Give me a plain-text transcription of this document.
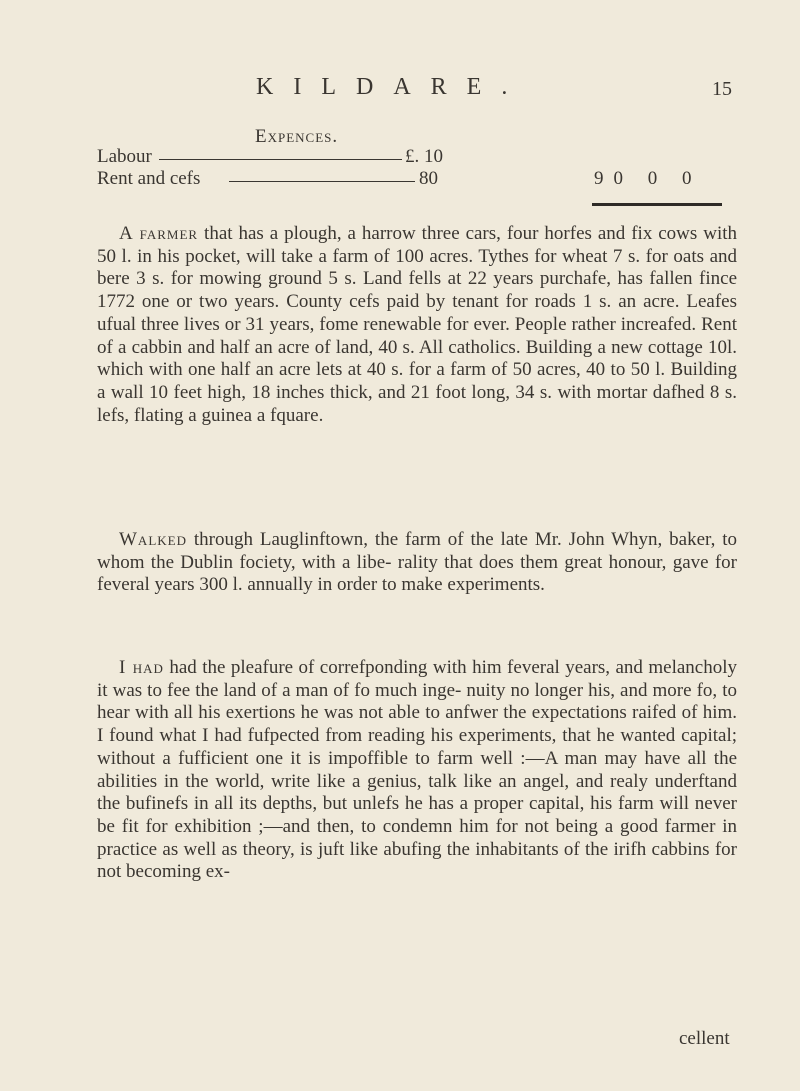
KILDARE.	15
Expences.
Labour	£. 10
Rent and cefs	80	90 0 0

A farmer that has a plough, a harrow three cars, four horfes and fix cows with 50 l. in his pocket, will take a farm of 100 acres. Tythes for wheat 7 s. for oats and bere 3 s. for mowing ground 5 s. Land fells at 22 years purchafe, has fallen fince 1772 one or two years. County cefs paid by tenant for roads 1 s. an acre. Leafes ufual three lives or 31 years, fome renewable for ever. People rather increafed. Rent of a cabbin and half an acre of land, 40 s. All catholics. Building a new cottage 10l. which with one half an acre lets at 40 s. for a farm of 50 acres, 40 to 50 l. Building a wall 10 feet high, 18 inches thick, and 21 foot long, 34 s. with mortar dafhed 8 s. lefs, flating a guinea a fquare.

Walked through Lauglinftown, the farm of the late Mr. John Whyn, baker, to whom the Dublin fociety, with a libe- rality that does them great honour, gave for feveral years 300 l. annually in order to make experiments.

I had had the pleafure of correfponding with him feveral years, and melancholy it was to fee the land of a man of fo much inge- nuity no longer his, and more fo, to hear with all his exertions he was not able to anfwer the expectations raifed of him. I found what I had fufpected from reading his experiments, that he wanted capital; without a fufficient one it is impoffible to farm well :—A man may have all the abilities in the world, write like a genius, talk like an angel, and realy underftand the bufinefs in all its depths, but unlefs he has a proper capital, his farm will never be fit for exhibition ;—and then, to condemn him for not being a good farmer in practice as well as theory, is juft like abufing the inhabitants of the irifh cabbins for not becoming ex-

cellent
